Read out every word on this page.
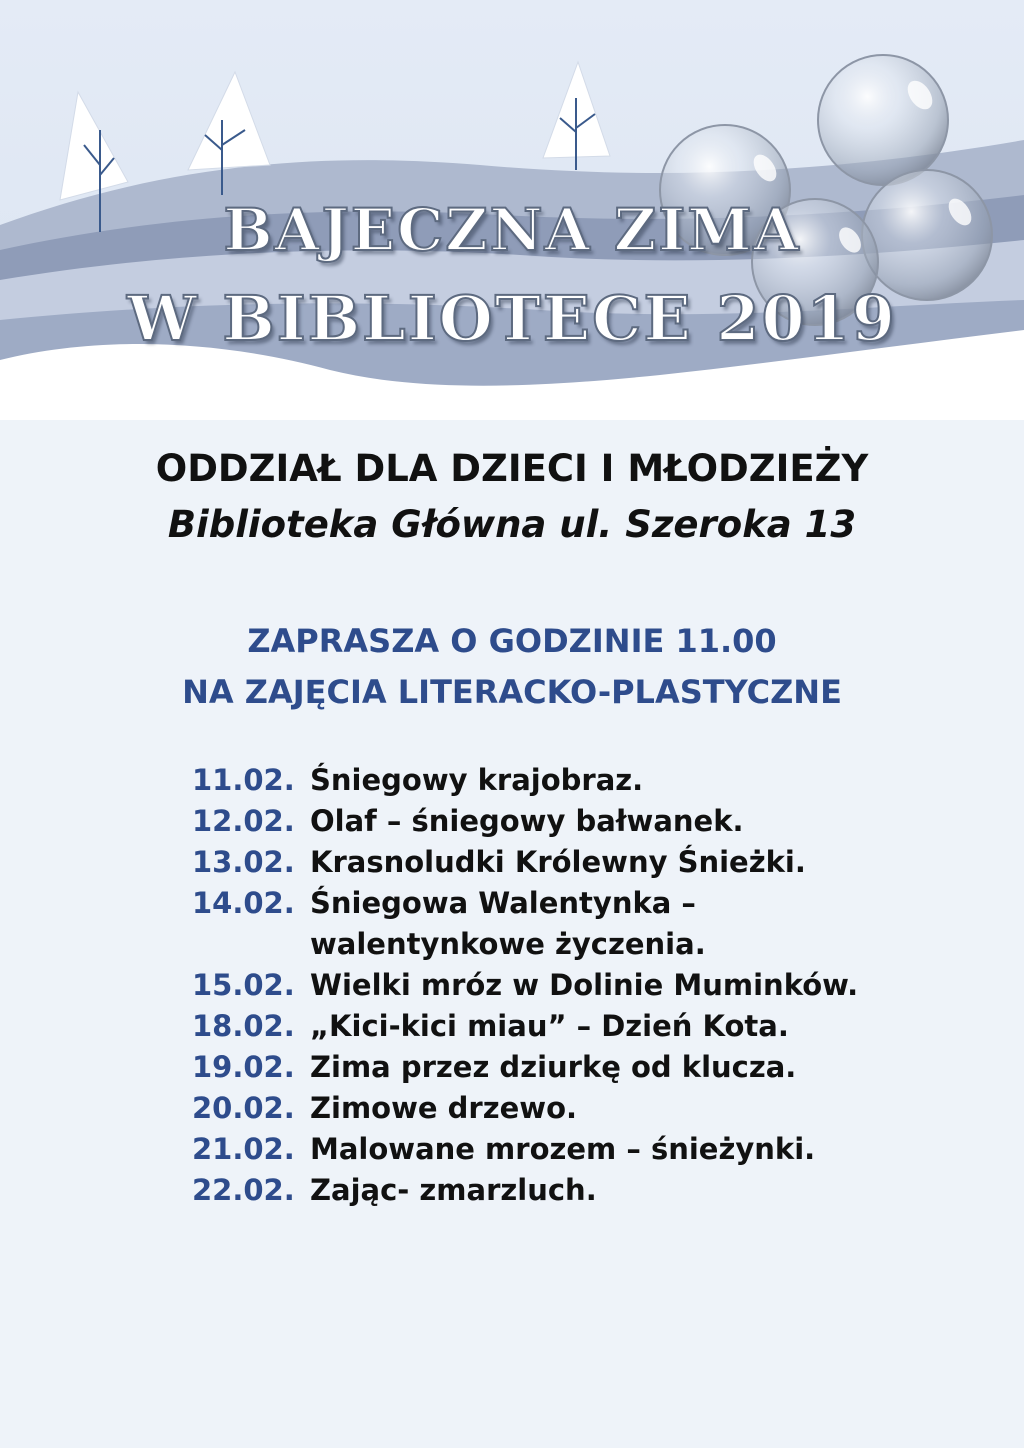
BAJECZNA ZIMA
W BIBLIOTECE 2019
ODDZIAŁ DLA DZIECI I MŁODZIEŻY
Biblioteka Główna ul. Szeroka 13
ZAPRASZA O GODZINIE 11.00
NA ZAJĘCIA LITERACKO-PLASTYCZNE
11.02. Śniegowy krajobraz.
12.02. Olaf – śniegowy bałwanek.
13.02. Krasnoludki Królewny Śnieżki.
14.02. Śniegowa Walentynka –
walentynkowe życzenia.
15.02. Wielki mróz w Dolinie Muminków.
18.02. „Kici-kici miau” – Dzień Kota.
19.02. Zima przez dziurkę od klucza.
20.02. Zimowe drzewo.
21.02. Malowane mrozem – śnieżynki.
22.02. Zając- zmarzluch.
